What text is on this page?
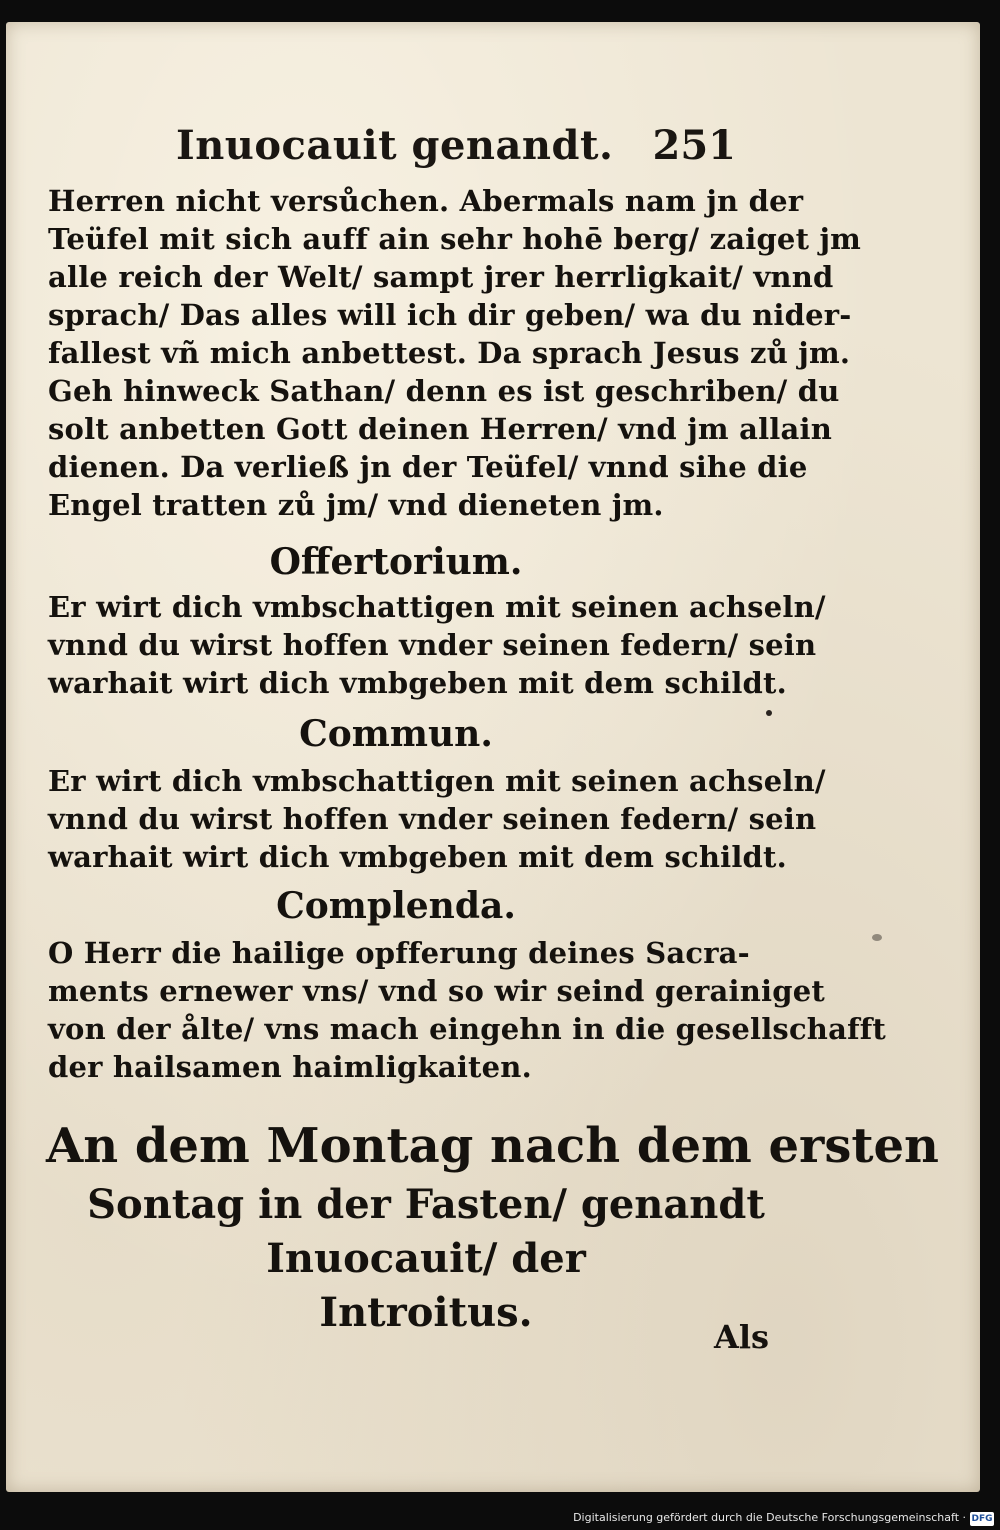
Inuocauit genandt. 251
Herren nicht versůchen. Abermals nam jn der
Teüfel mit sich auff ain sehr hohē berg/ zaiget jm
alle reich der Welt/ sampt jrer herrligkait/ vnnd
sprach/ Das alles will ich dir geben/ wa du nider-
fallest vñ mich anbettest. Da sprach Jesus zů jm.
Geh hinweck Sathan/ denn es ist geschriben/ du
solt anbetten Gott deinen Herren/ vnd jm allain
dienen. Da verließ jn der Teüfel/ vnnd sihe die
Engel tratten zů jm/ vnd dieneten jm.
Offertorium.
Er wirt dich vmbschattigen mit seinen achseln/
vnnd du wirst hoffen vnder seinen federn/ sein
warhait wirt dich vmbgeben mit dem schildt.
Commun.
Er wirt dich vmbschattigen mit seinen achseln/
vnnd du wirst hoffen vnder seinen federn/ sein
warhait wirt dich vmbgeben mit dem schildt.
Complenda.
O Herr die hailige opfferung deines Sacra-
ments ernewer vns/ vnd so wir seind gerainiget
von der ålte/ vns mach eingehn in die gesellschafft
der hailsamen haimligkaiten.
An dem Montag nach dem ersten
Sontag in der Fasten/ genandt
Inuocauit/ der
Introitus.
Als
Digitalisierung gefördert durch die Deutsche Forschungsgemeinschaft · DFG
